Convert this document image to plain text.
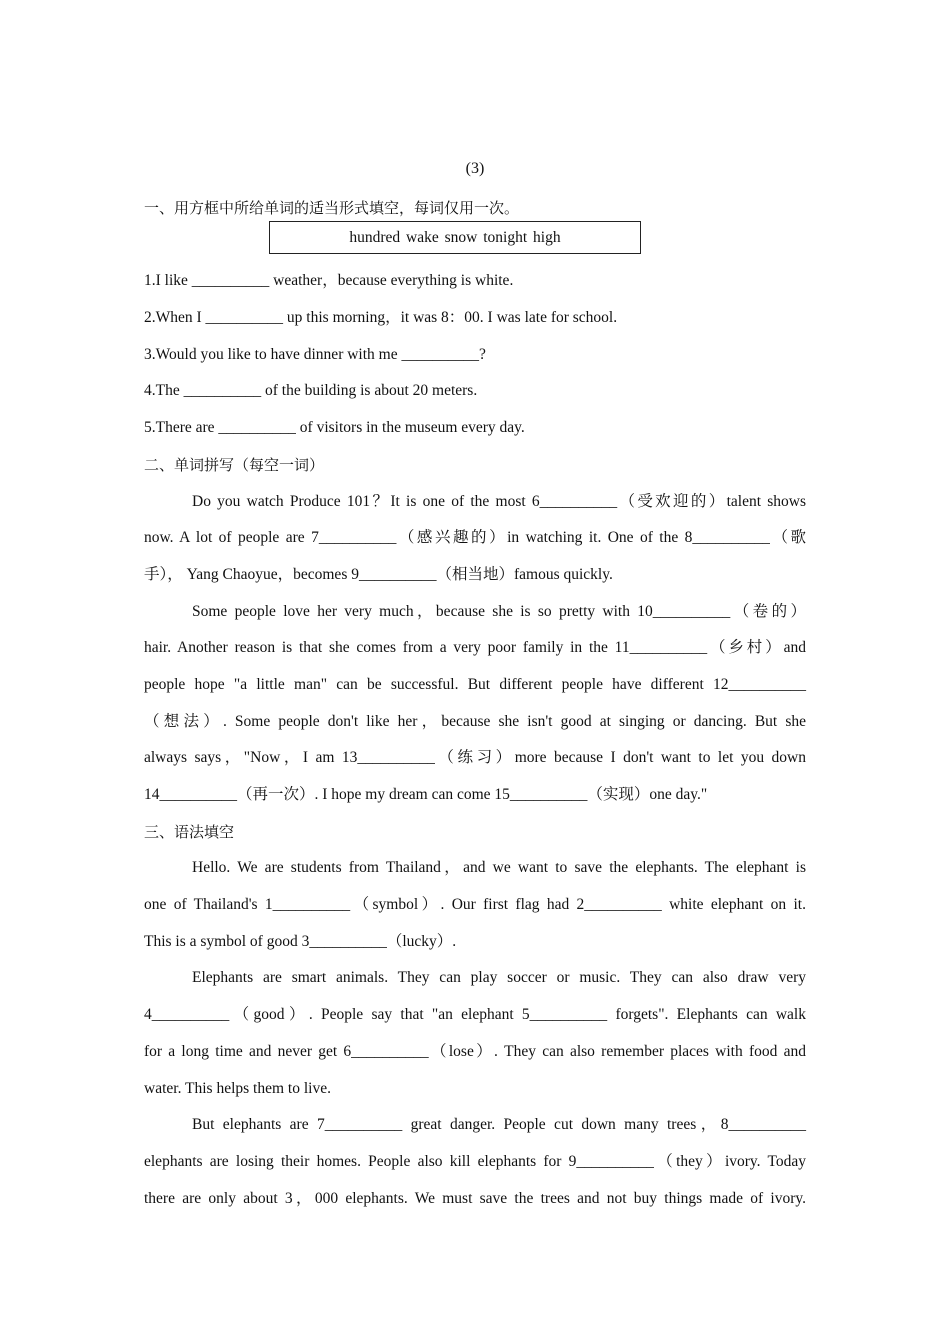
(3)
hundred wake snow tonight high
一、用方框中所给单词的适当形式填空，每词仅用一次。
1.I like __________ weather，because everything is white.
2.When I __________ up this morning，it was 8：00. I was late for school.
3.Would you like to have dinner with me __________?
4.The __________ of the building is about 20 meters.
5.There are __________ of visitors in the museum every day.
二、单词拼写（每空一词）
Do you watch Produce 101？It is one of the most 6__________（受欢迎的）talent shows
now. A lot of people are 7__________（感兴趣的）in watching it. One of the 8__________（歌
手）， Yang Chaoyue，becomes 9__________（相当地）famous quickly.
Some people love her very much，because she is so pretty with 10__________（卷的）
hair. Another reason is that she comes from a very poor family in the 11__________（乡村）and
people hope "a little man" can be successful. But different people have different 12__________
（想法）. Some people don't like her，because she isn't good at singing or dancing. But she
always says，"Now，I am 13__________（练习）more because I don't want to let you down
14__________（再一次）. I hope my dream can come 15__________（实现）one day."
三、语法填空
Hello. We are students from Thailand，and we want to save the elephants. The elephant is
one of Thailand's 1__________（symbol）. Our first flag had 2__________ white elephant on it.
This is a symbol of good 3__________（lucky）.
Elephants are smart animals. They can play soccer or music. They can also draw very
4__________（good）. People say that "an elephant 5__________ forgets". Elephants can walk
for a long time and never get 6__________（lose）. They can also remember places with food and
water. This helps them to live.
But elephants are 7__________ great danger. People cut down many trees，8__________
elephants are losing their homes. People also kill elephants for 9__________（they）ivory. Today
there are only about 3，000 elephants. We must save the trees and not buy things made of ivory.
